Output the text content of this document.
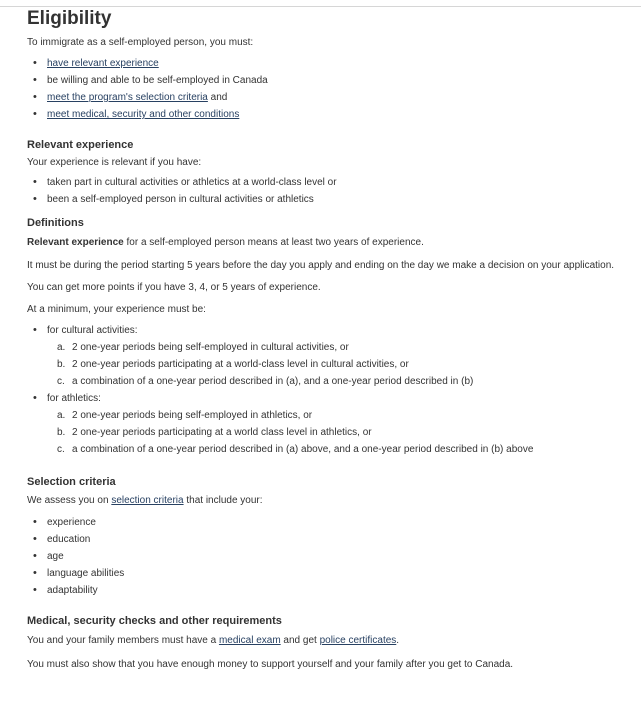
Eligibility

To immigrate as a self-employed person, you must:

• have relevant experience
• be willing and able to be self-employed in Canada
• meet the program's selection criteria and
• meet medical, security and other conditions
Relevant experience

Your experience is relevant if you have:

• taken part in cultural activities or athletics at a world-class level or
• been a self-employed person in cultural activities or athletics
Definitions

Relevant experience for a self-employed person means at least two years of experience.

It must be during the period starting 5 years before the day you apply and ending on the day we make a decision on your application.

You can get more points if you have 3, 4, or 5 years of experience.

At a minimum, your experience must be:

• for cultural activities:
a. 2 one-year periods being self-employed in cultural activities, or
b. 2 one-year periods participating at a world-class level in cultural activities, or
c. a combination of a one-year period described in (a), and a one-year period described in (b)
• for athletics:
a. 2 one-year periods being self-employed in athletics, or
b. 2 one-year periods participating at a world class level in athletics, or
c. a combination of a one-year period described in (a) above, and a one-year period described in (b) above
Selection criteria

We assess you on selection criteria that include your:

• experience
• education
• age
• language abilities
• adaptability
Medical, security checks and other requirements

You and your family members must have a medical exam and get police certificates.

You must also show that you have enough money to support yourself and your family after you get to Canada.
